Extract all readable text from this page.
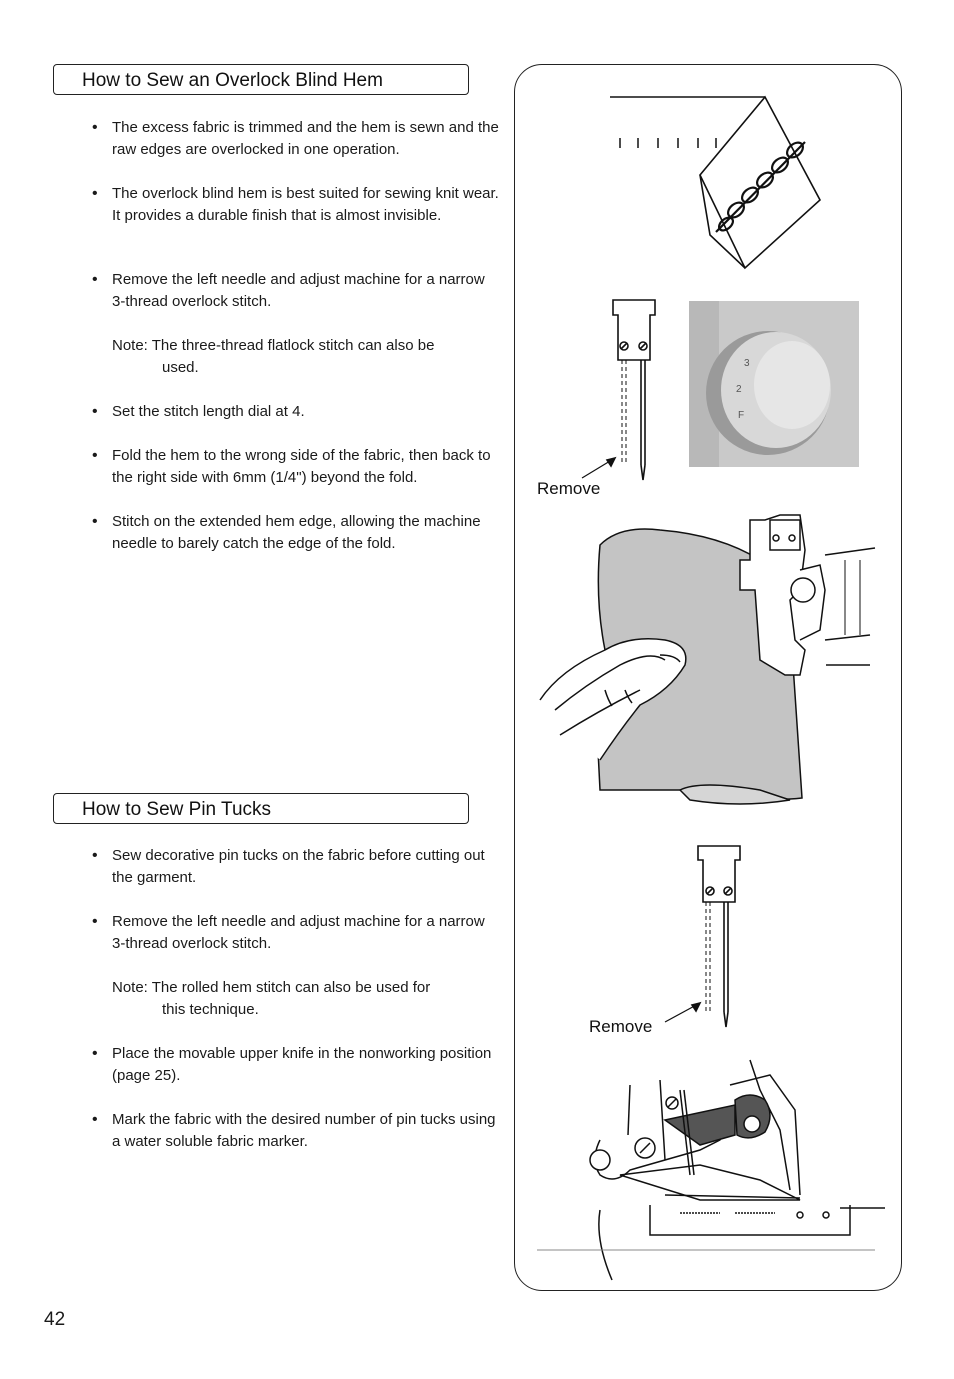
How to Sew an Overlock Blind Hem

• The excess fabric is trimmed and the hem is sewn and the raw edges are overlocked in one operation.

• The overlock blind hem is best suited for sewing knit wear. It provides a durable finish that is almost invisible.

• Remove the left needle and adjust machine for a narrow 3-thread overlock stitch.

Note: The three-thread flatlock stitch can also be
used.

• Set the stitch length dial at 4.

• Fold the hem to the wrong side of the fabric, then back to the right side with 6mm (1/4") beyond the fold.

• Stitch on the extended hem edge, allowing the machine needle to barely catch the edge of the fold.

How to Sew Pin Tucks

• Sew decorative pin tucks on the fabric before cutting out the garment.

• Remove the left needle and adjust machine for a narrow 3-thread overlock stitch.

Note: The rolled hem stitch can also be used for
this technique.

• Place the movable upper knife in the nonworking position (page 25).

• Mark the fabric with the desired number of pin tucks using a water soluble fabric marker.

Remove
3
2
F
Remove
42
